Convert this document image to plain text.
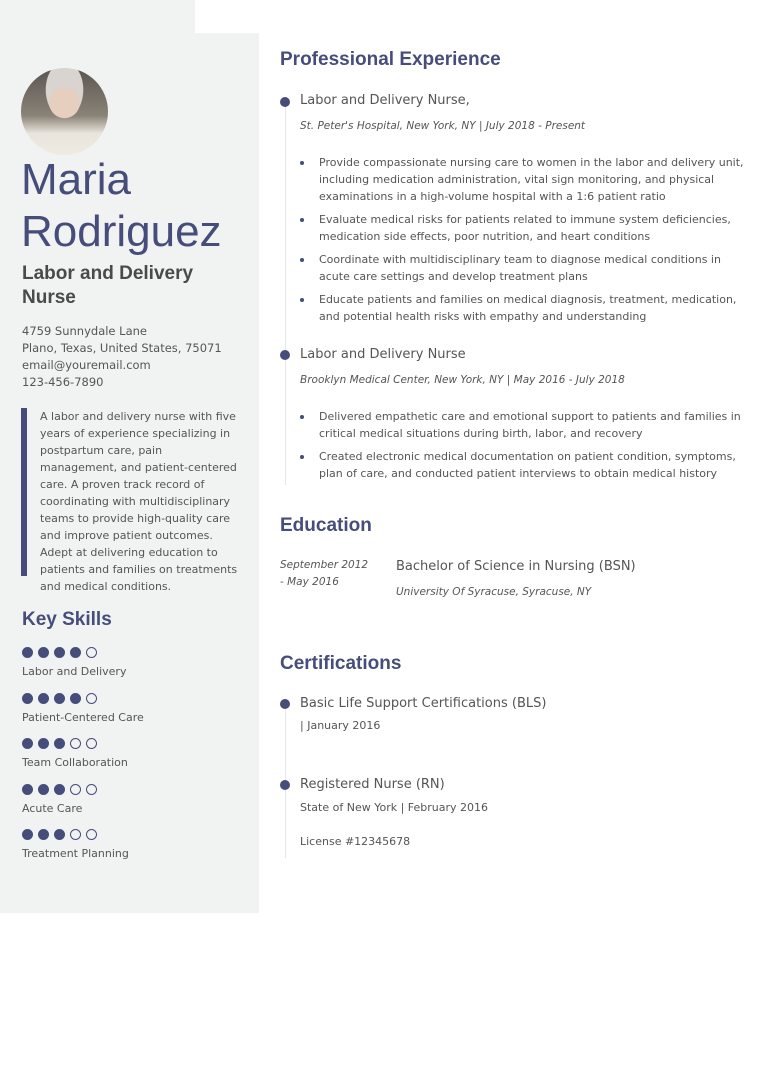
Maria
Rodriguez
Labor and Delivery Nurse
4759 Sunnydale Lane
Plano, Texas, United States, 75071
email@youremail.com
123-456-7890
A labor and delivery nurse with five years of experience specializing in postpartum care, pain management, and patient-centered care. A proven track record of coordinating with multidisciplinary teams to provide high-quality care and improve patient outcomes. Adept at delivering education to patients and families on treatments and medical conditions.
Key Skills
Labor and Delivery
Patient-Centered Care
Team Collaboration
Acute Care
Treatment Planning
Professional Experience
Labor and Delivery Nurse,
St. Peter's Hospital, New York, NY | July 2018 - Present
Provide compassionate nursing care to women in the labor and delivery unit, including medication administration, vital sign monitoring, and physical examinations in a high-volume hospital with a 1:6 patient ratio
Evaluate medical risks for patients related to immune system deficiencies, medication side effects, poor nutrition, and heart conditions
Coordinate with multidisciplinary team to diagnose medical conditions in acute care settings and develop treatment plans
Educate patients and families on medical diagnosis, treatment, medication, and potential health risks with empathy and understanding
Labor and Delivery Nurse
Brooklyn Medical Center, New York, NY | May 2016 - July 2018
Delivered empathetic care and emotional support to patients and families in critical medical situations during birth, labor, and recovery
Created electronic medical documentation on patient condition, symptoms, plan of care, and conducted patient interviews to obtain medical history
Education
September 2012 - May 2016
Bachelor of Science in Nursing (BSN)
University Of Syracuse, Syracuse, NY
Certifications
Basic Life Support Certifications (BLS)
| January 2016
Registered Nurse (RN)
State of New York | February 2016
License #12345678
